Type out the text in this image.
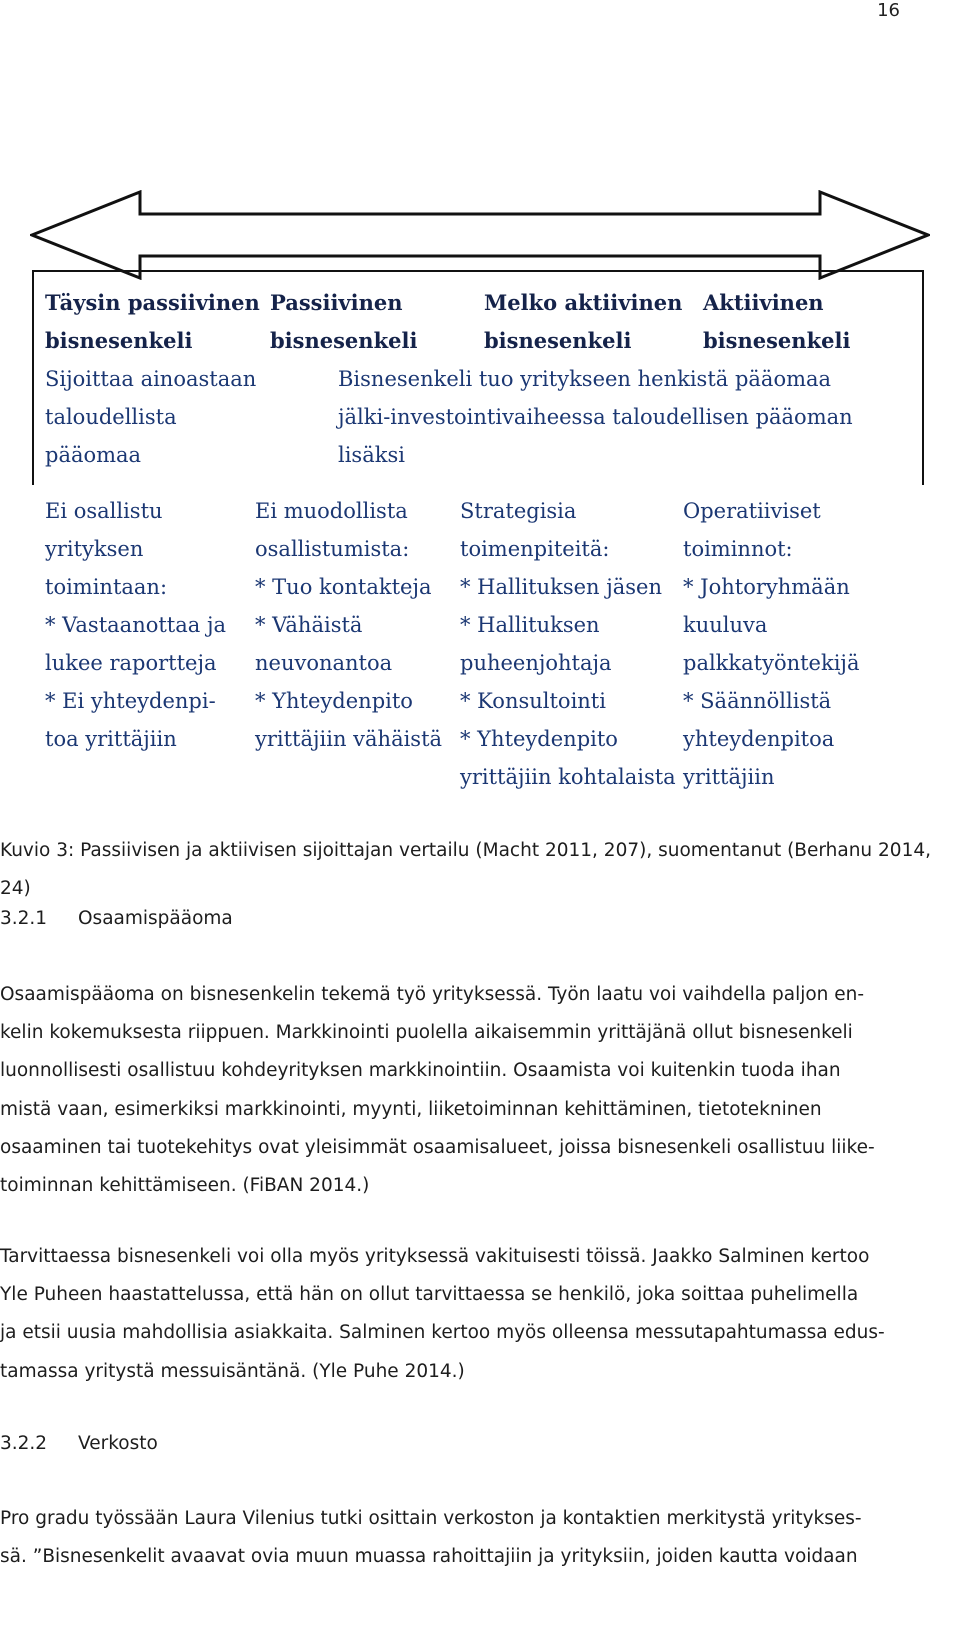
16
Täysin passiivinen
bisnesenkeli
Passiivinen
bisnesenkeli
Melko aktiivinen
bisnesenkeli
Aktiivinen
bisnesenkeli
Sijoittaa ainoastaan
taloudellista
pääomaa
Bisnesenkeli tuo yritykseen henkistä pääomaa
jälki-investointivaiheessa taloudellisen pääoman
lisäksi
Ei osallistu
yrityksen
toimintaan:
* Vastaanottaa ja
lukee raportteja
* Ei yhteydenpi-
toa yrittäjiin
Ei muodollista
osallistumista:
* Tuo kontakteja
* Vähäistä
neuvonantoa
* Yhteydenpito
yrittäjiin vähäistä
Strategisia
toimenpiteitä:
* Hallituksen jäsen
* Hallituksen
puheenjohtaja
* Konsultointi
* Yhteydenpito
yrittäjiin kohtalaista
Operatiiviset
toiminnot:
* Johtoryhmään
kuuluva
palkkatyöntekijä
* Säännöllistä
yhteydenpitoa
yrittäjiin
Kuvio 3: Passiivisen ja aktiivisen sijoittajan vertailu (Macht 2011, 207), suomentanut (Berhanu 2014, 24)
3.2.1 Osaamispääoma
Osaamispääoma on bisnesenkelin tekemä työ yrityksessä. Työn laatu voi vaihdella paljon en-
kelin kokemuksesta riippuen. Markkinointi puolella aikaisemmin yrittäjänä ollut bisnesenkeli
luonnollisesti osallistuu kohdeyrityksen markkinointiin. Osaamista voi kuitenkin tuoda ihan
mistä vaan, esimerkiksi markkinointi, myynti, liiketoiminnan kehittäminen, tietotekninen
osaaminen tai tuotekehitys ovat yleisimmät osaamisalueet, joissa bisnesenkeli osallistuu liike-
toiminnan kehittämiseen. (FiBAN 2014.)
Tarvittaessa bisnesenkeli voi olla myös yrityksessä vakituisesti töissä. Jaakko Salminen kertoo
Yle Puheen haastattelussa, että hän on ollut tarvittaessa se henkilö, joka soittaa puhelimella
ja etsii uusia mahdollisia asiakkaita. Salminen kertoo myös olleensa messutapahtumassa edus-
tamassa yritystä messuisäntänä. (Yle Puhe 2014.)
3.2.2 Verkosto
Pro gradu työssään Laura Vilenius tutki osittain verkoston ja kontaktien merkitystä yritykses-
sä. ”Bisnesenkelit avaavat ovia muun muassa rahoittajiin ja yrityksiin, joiden kautta voidaan
